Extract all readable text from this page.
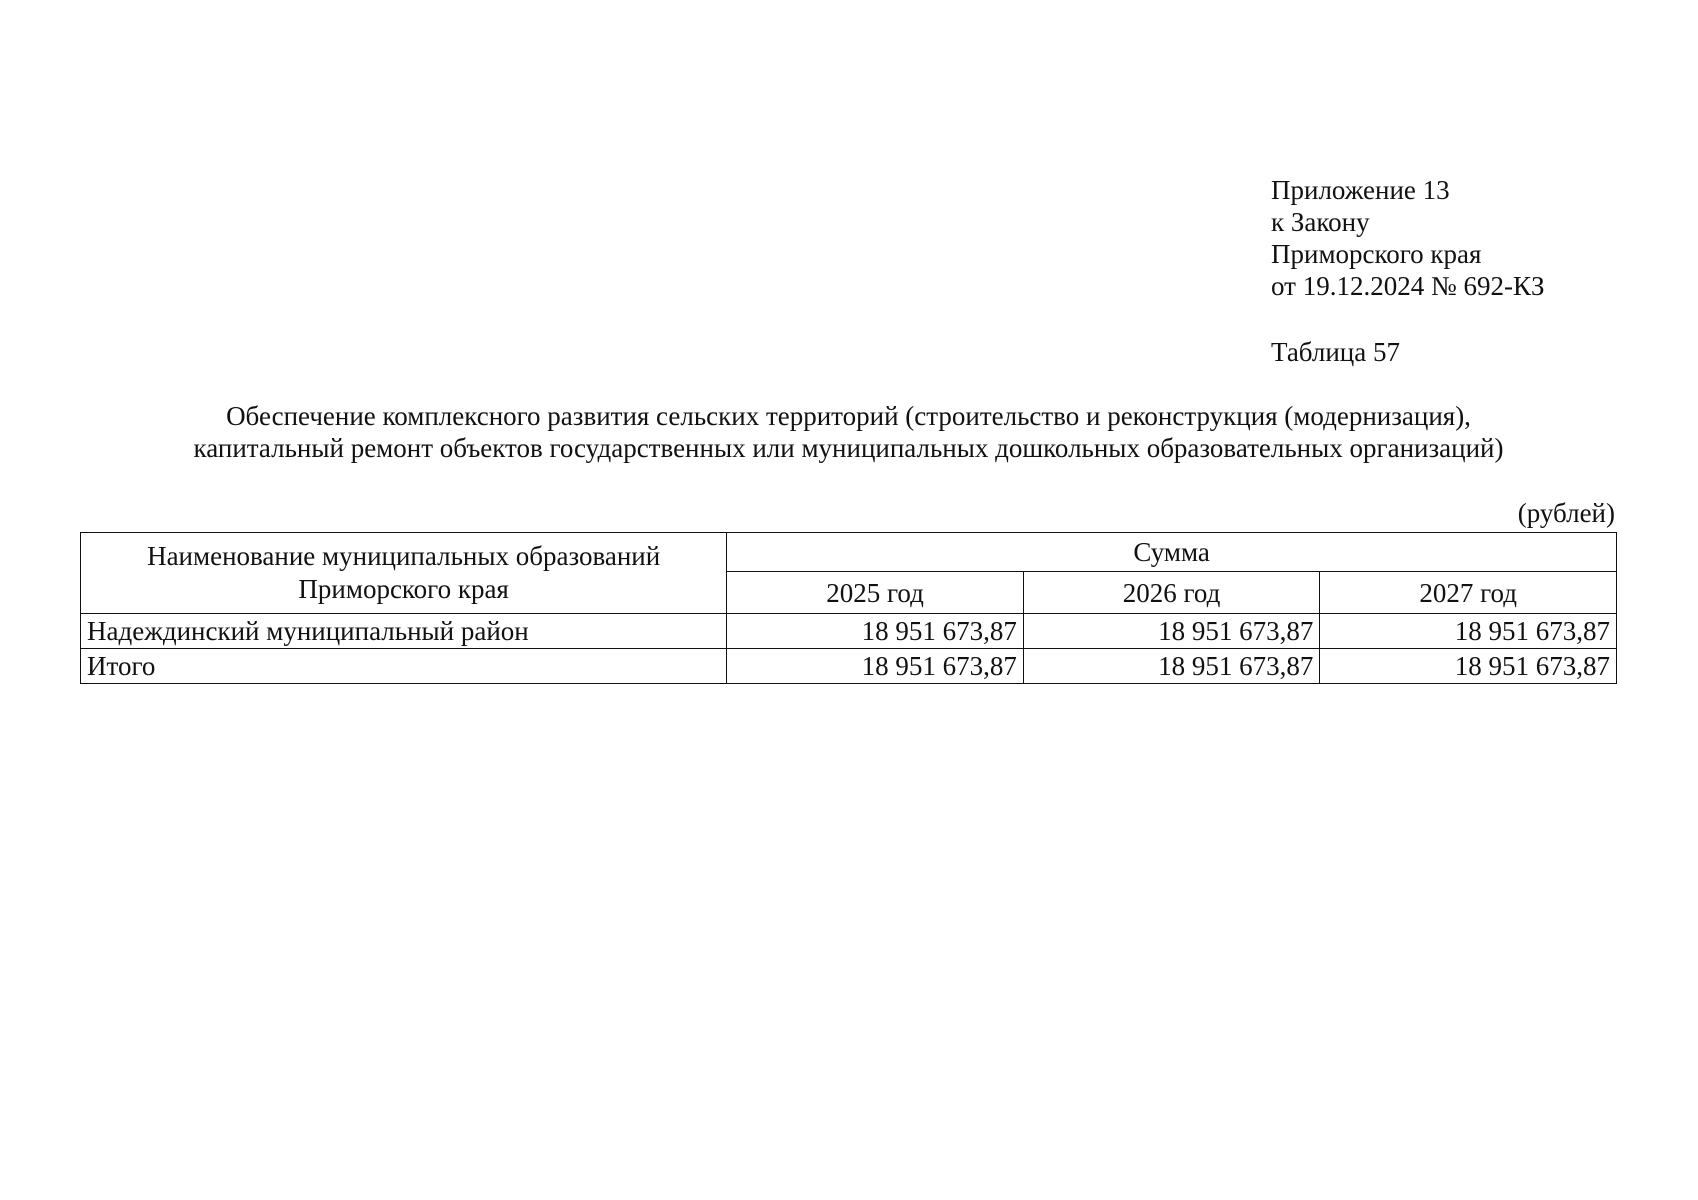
Приложение 13
к Закону
Приморского края
от 19.12.2024 № 692-КЗ
Таблица 57
Обеспечение комплексного развития сельских территорий (строительство и реконструкция (модернизация),
капитальный ремонт объектов государственных или муниципальных дошкольных образовательных организаций)
(рублей)
Наименование муниципальных образований
Приморского края	Сумма		
	2025 год	2026 год	2027 год
Надеждинский муниципальный район	18 951 673,87	18 951 673,87	18 951 673,87
Итого	18 951 673,87	18 951 673,87	18 951 673,87
